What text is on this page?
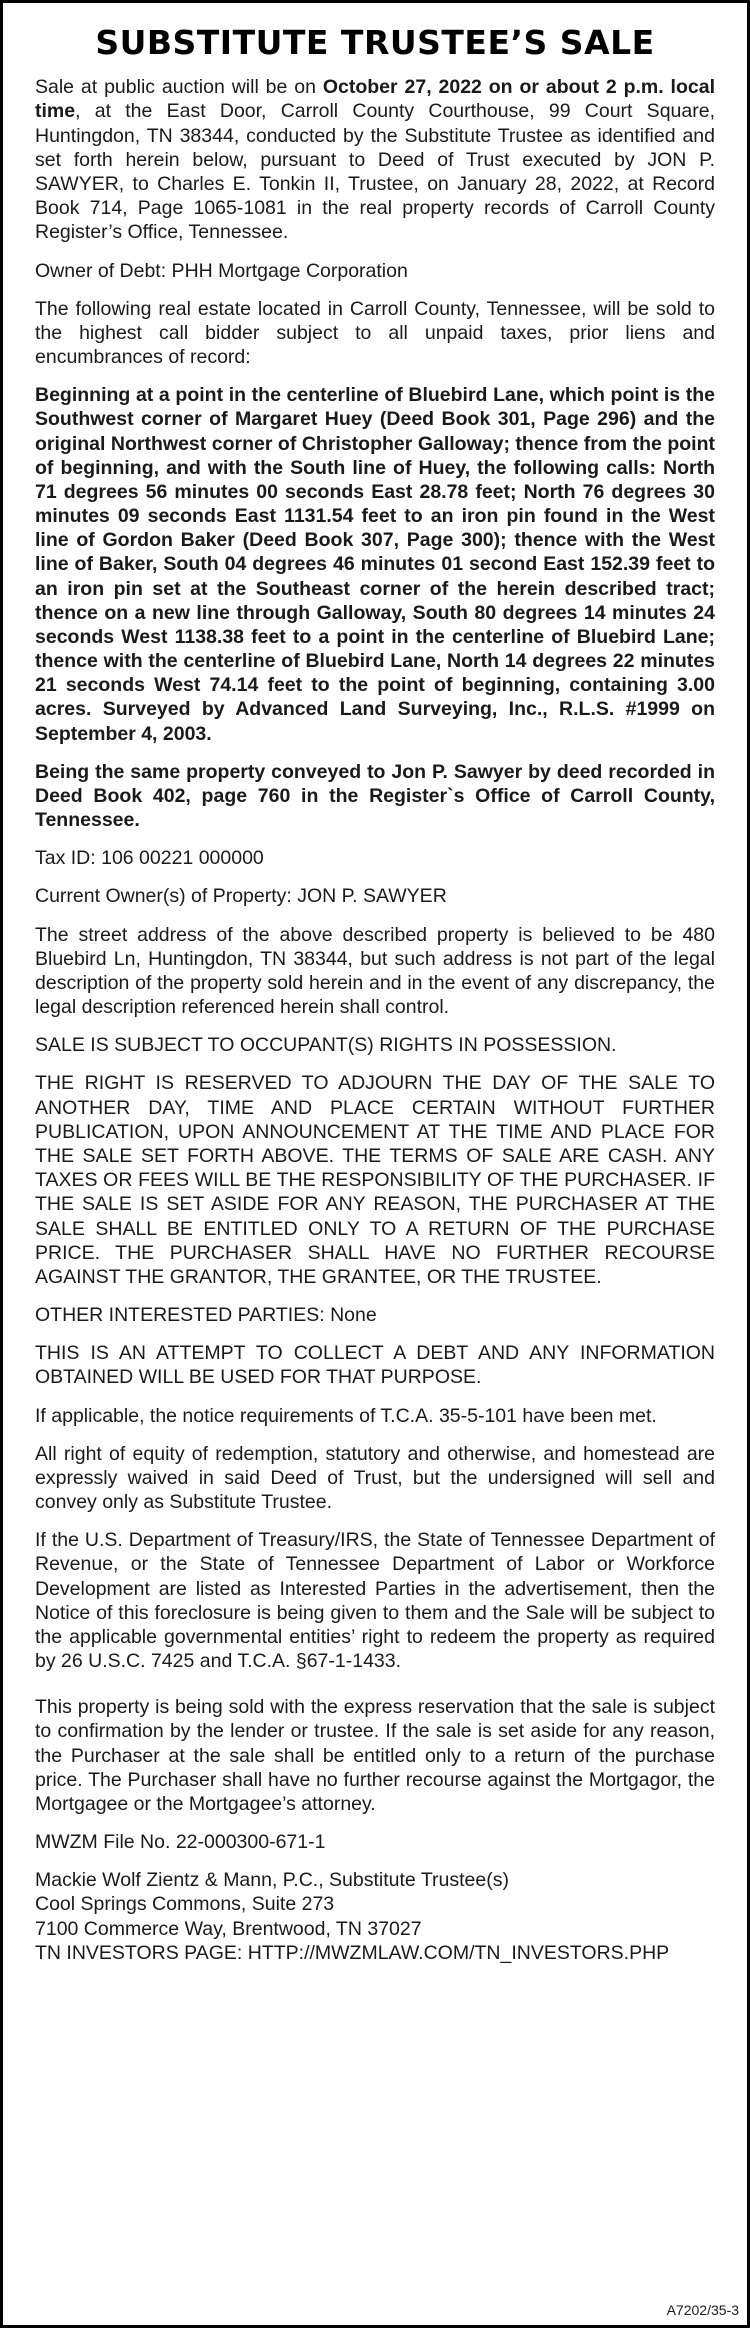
SUBSTITUTE TRUSTEE’S SALE

Sale at public auction will be on October 27, 2022 on or about 2 p.m. local time, at the East Door, Carroll County Courthouse, 99 Court Square, Huntingdon, TN 38344, conducted by the Substitute Trustee as identified and set forth herein below, pursuant to Deed of Trust executed by JON P. SAWYER, to Charles E. Tonkin II, Trustee, on January 28, 2022, at Record Book 714, Page 1065-1081 in the real property records of Carroll County Register’s Office, Tennessee.

Owner of Debt: PHH Mortgage Corporation

The following real estate located in Carroll County, Tennessee, will be sold to the highest call bidder subject to all unpaid taxes, prior liens and encumbrances of record:

Beginning at a point in the centerline of Bluebird Lane, which point is the Southwest corner of Margaret Huey (Deed Book 301, Page 296) and the original Northwest corner of Christopher Galloway; thence from the point of beginning, and with the South line of Huey, the following calls: North 71 degrees 56 minutes 00 seconds East 28.78 feet; North 76 degrees 30 minutes 09 seconds East 1131.54 feet to an iron pin found in the West line of Gordon Baker (Deed Book 307, Page 300); thence with the West line of Baker, South 04 degrees 46 minutes 01 second East 152.39 feet to an iron pin set at the Southeast corner of the herein described tract; thence on a new line through Galloway, South 80 degrees 14 minutes 24 seconds West 1138.38 feet to a point in the centerline of Bluebird Lane; thence with the centerline of Bluebird Lane, North 14 degrees 22 minutes 21 seconds West 74.14 feet to the point of beginning, containing 3.00 acres. Surveyed by Advanced Land Surveying, Inc., R.L.S. #1999 on September 4, 2003.

Being the same property conveyed to Jon P. Sawyer by deed recorded in Deed Book 402, page 760 in the Register`s Office of Carroll County, Tennessee.

Tax ID: 106 00221 000000

Current Owner(s) of Property: JON P. SAWYER

The street address of the above described property is believed to be 480 Bluebird Ln, Huntingdon, TN 38344, but such address is not part of the legal description of the property sold herein and in the event of any discrepancy, the legal description referenced herein shall control.

SALE IS SUBJECT TO OCCUPANT(S) RIGHTS IN POSSESSION.

THE RIGHT IS RESERVED TO ADJOURN THE DAY OF THE SALE TO ANOTHER DAY, TIME AND PLACE CERTAIN WITHOUT FURTHER PUBLICATION, UPON ANNOUNCEMENT AT THE TIME AND PLACE FOR THE SALE SET FORTH ABOVE. THE TERMS OF SALE ARE CASH. ANY TAXES OR FEES WILL BE THE RESPONSIBILITY OF THE PURCHASER. IF THE SALE IS SET ASIDE FOR ANY REASON, THE PURCHASER AT THE SALE SHALL BE ENTITLED ONLY TO A RETURN OF THE PURCHASE PRICE. THE PURCHASER SHALL HAVE NO FURTHER RECOURSE AGAINST THE GRANTOR, THE GRANTEE, OR THE TRUSTEE.

OTHER INTERESTED PARTIES: None

THIS IS AN ATTEMPT TO COLLECT A DEBT AND ANY INFORMATION OBTAINED WILL BE USED FOR THAT PURPOSE.

If applicable, the notice requirements of T.C.A. 35-5-101 have been met.

All right of equity of redemption, statutory and otherwise, and homestead are expressly waived in said Deed of Trust, but the undersigned will sell and convey only as Substitute Trustee.

If the U.S. Department of Treasury/IRS, the State of Tennessee Department of Revenue, or the State of Tennessee Department of Labor or Workforce Development are listed as Interested Parties in the advertisement, then the Notice of this foreclosure is being given to them and the Sale will be subject to the applicable governmental entities’ right to redeem the property as required by 26 U.S.C. 7425 and T.C.A. §67-1-1433.

This property is being sold with the express reservation that the sale is subject to confirmation by the lender or trustee. If the sale is set aside for any reason, the Purchaser at the sale shall be entitled only to a return of the purchase price. The Purchaser shall have no further recourse against the Mortgagor, the Mortgagee or the Mortgagee’s attorney.

MWZM File No. 22-000300-671-1

Mackie Wolf Zientz & Mann, P.C., Substitute Trustee(s)

Cool Springs Commons, Suite 273

7100 Commerce Way, Brentwood, TN 37027

TN INVESTORS PAGE: HTTP://MWZMLAW.COM/TN_INVESTORS.PHP

A7202/35-3
